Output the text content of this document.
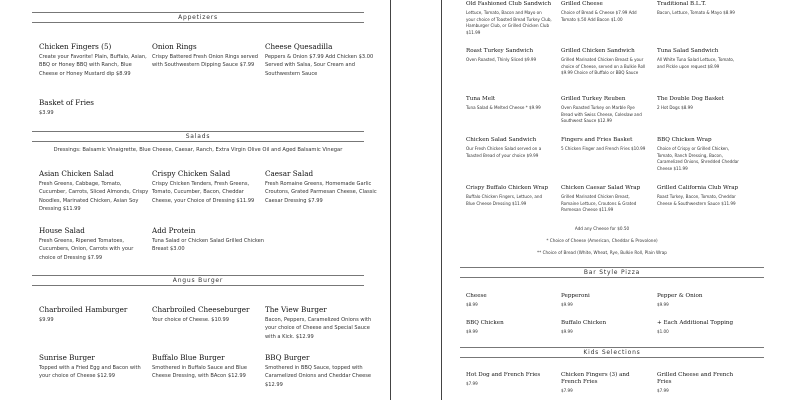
Appetizers
Chicken Fingers (5)
Create your Favorite! Plain, Buffalo, Asian, BBQ or Honey BBQ with Ranch, Blue Cheese or Honey Mustard dip $8.99
Onion Rings
Crispy Battered Fresh Onion Rings served with Southwestern Dipping Sauce $7.99
Cheese Quesadilla
Peppers & Onion $7.99 Add Chicken $3.00 Served with Salsa, Sour Cream and Southwestern Sauce
Basket of Fries
$3.99
Salads
Dressings: Balsamic Vinaigrette, Blue Cheese, Caesar, Ranch, Extra Virgin Olive Oil and Aged Balsamic Vinegar
Asian Chicken Salad
Fresh Greens, Cabbage, Tomato, Cucumber, Carrots, Sliced Almonds, Crispy Noodles, Marinated Chicken, Asian Soy Dressing $11.99
Crispy Chicken Salad
Crispy Chicken Tenders, Fresh Greens, Tomato, Cucumber, Bacon, Cheddar Cheese, your Choice of Dressing $11.99
Caesar Salad
Fresh Romaine Greens, Homemade Garlic Croutons, Grated Parmesan Cheese, Classic Caesar Dressing $7.99
House Salad
Fresh Greens, Ripened Tomatoes, Cucumbers, Onion, Carrots with your choice of Dressing $7.99
Add Protein
Tuna Salad or Chicken Salad Grilled Chicken Breast $3.00
Angus Burger
Charbroiled Hamburger
$9.99
Charbroiled Cheeseburger
Your choice of Cheese. $10.99
The View Burger
Bacon, Peppers, Caramelized Onions with your choice of Cheese and Special Sauce with a Kick. $12.99
Sunrise Burger
Topped with a Fried Egg and Bacon with your choice of Cheese $12.99
Buffalo Blue Burger
Smothered in Buffalo Sauce and Blue Cheese Dressing, with BAcon $12.99
BBQ Burger
Smothered in BBQ Sauce, topped with Caramelized Onions and Cheddar Cheese $12.99
Old Fashioned Club Sandwich
Lettuce, Tomato, Bacon and Mayo on your choice of Toasted Bread Turkey Club, Hamburger Club, or Grilled Chicken Club $11.99
Grilled Cheese
Choice of Bread & Cheese $7.99 Add Tomato $.50 Add Bacon $1.00
Traditional B.L.T.
Bacon, Lettuce, Tomato & Mayo $8.99
Roast Turkey Sandwich
Oven Roasted, Thinly Sliced $9.99
Grilled Chicken Sandwich
Grilled Marinated Chicken Breast & your choice of Cheese, served on a Bulkie Roll $9.99 Choice of Buffalo or BBQ Sauce
Tuna Salad Sandwich
All White Tuna Salad Lettuce, Tomato, and Pickle upon request $8.99
Tuna Melt
Tuna Salad & Melted Cheese * $9.99
Grilled Turkey Reuben
Oven Roasted Turkey on Marble Rye Bread with Swiss Cheese, Coleslaw and Southwest Sauce $12.99
The Double Dog Basket
2 Hot Dogs $8.99
Chicken Salad Sandwich
Our Fresh Chicken Salad served on a Toasted Bread of your choice $9.99
Fingers and Fries Basket
5 Chicken Finger and French Fries $10.99
BBQ Chicken Wrap
Choice of Crispy or Grilled Chicken, Tomato, Ranch Dressing, Bacon, Caramelized Onions, Shredded Cheddar Cheese $11.99
Crispy Buffalo Chicken Wrap
Buffalo Chicken Fingers, Lettuce, and Blue Cheese Dressing $11.99
Chicken Caesar Salad Wrap
Grilled Marinated Chicken Breast, Romaine Lettuce, Croutons & Grated Parmesan Cheese $11.99
Grilled California Club Wrap
Roast Turkey, Bacon, Tomato, Cheddar Cheese & Southwestern Sauce $11.99
Add any Cheese for $0.50
* Choice of Cheese (American, Cheddar & Provolone)
** Choice of Bread (White, Wheat, Rye, Bulkie Roll, Plain Wrap
Bar Style Pizza
Cheese
$8.99
Pepperoni
$9.99
Pepper & Onion
$9.99
BBQ Chicken
$9.99
Buffalo Chicken
$9.99
+ Each Additional Topping
$1.00
Kids Selections
Hot Dog and French Fries
$7.99
Chicken Fingers (3) and French Fries
$7.99
Grilled Cheese and French Fries
$7.99
